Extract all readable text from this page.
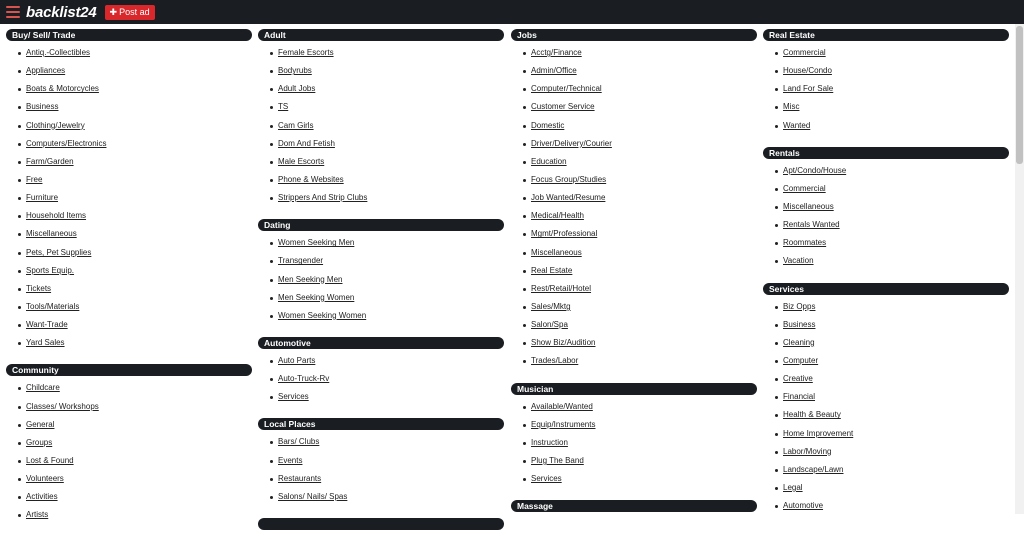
backlist24 ✚ Post ad
Buy/ Sell/ Trade
Antiq.-Collectibles
Appliances
Boats & Motorcycles
Business
Clothing/Jewelry
Computers/Electronics
Farm/Garden
Free
Furniture
Household Items
Miscellaneous
Pets, Pet Supplies
Sports Equip.
Tickets
Tools/Materials
Want-Trade
Yard Sales
Community
Childcare
Classes/ Workshops
General
Groups
Lost & Found
Volunteers
Activities
Artists
Adult
Female Escorts
Bodyrubs
Adult Jobs
TS
Cam Girls
Dom And Fetish
Male Escorts
Phone & Websites
Strippers And Strip Clubs
Dating
Women Seeking Men
Transgender
Men Seeking Men
Men Seeking Women
Women Seeking Women
Automotive
Auto Parts
Auto-Truck-Rv
Services
Local Places
Bars/ Clubs
Events
Restaurants
Salons/ Nails/ Spas
Jobs
Acctg/Finance
Admin/Office
Computer/Technical
Customer Service
Domestic
Driver/Delivery/Courier
Education
Focus Group/Studies
Job Wanted/Resume
Medical/Health
Mgmt/Professional
Miscellaneous
Real Estate
Rest/Retail/Hotel
Sales/Mktg
Salon/Spa
Show Biz/Audition
Trades/Labor
Musician
Available/Wanted
Equip/Instruments
Instruction
Plug The Band
Services
Massage
Real Estate
Commercial
House/Condo
Land For Sale
Misc
Wanted
Rentals
Apt/Condo/House
Commercial
Miscellaneous
Rentals Wanted
Roommates
Vacation
Services
Biz Opps
Business
Cleaning
Computer
Creative
Financial
Health & Beauty
Home Improvement
Labor/Moving
Landscape/Lawn
Legal
Automotive
